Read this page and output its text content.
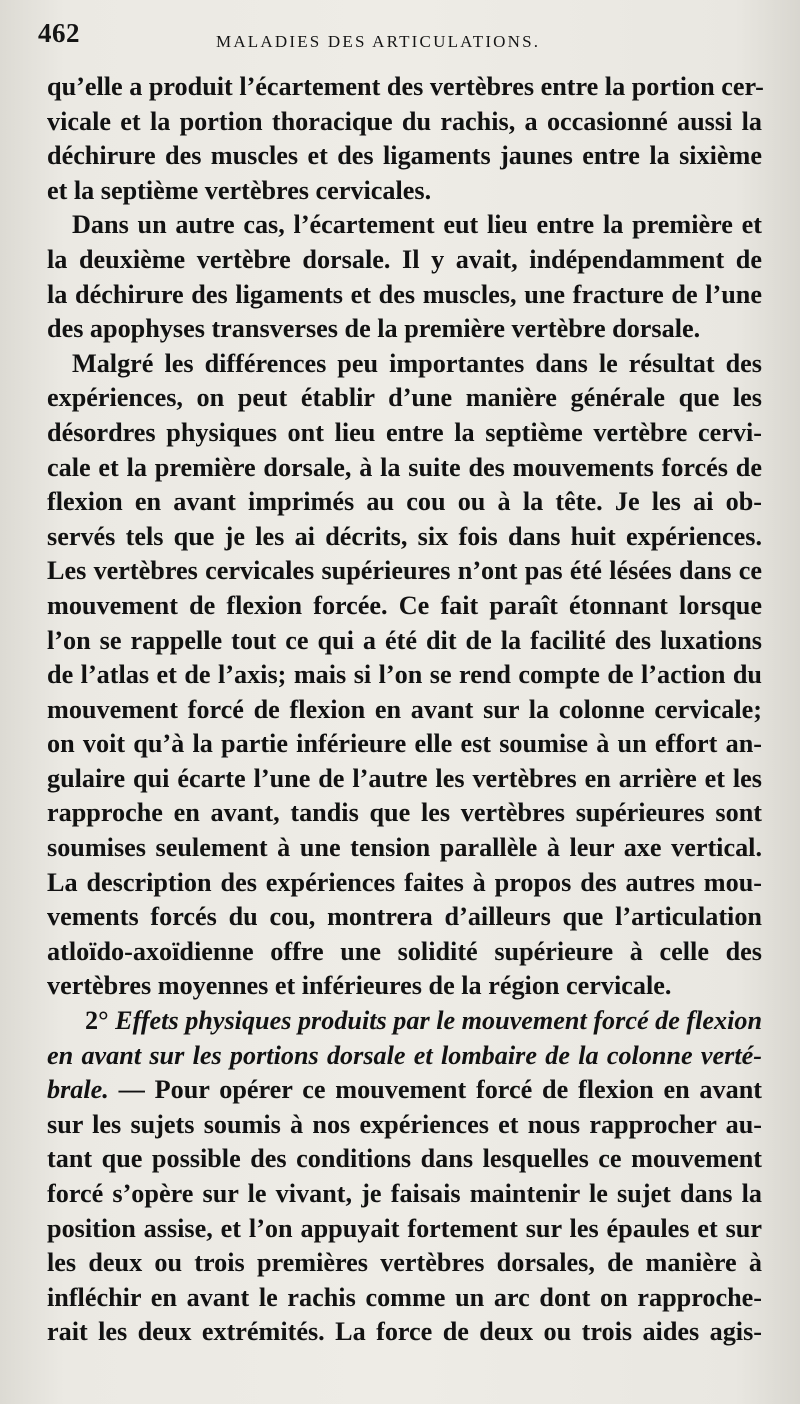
462	MALADIES DES ARTICULATIONS.
qu’elle a produit l’écartement des vertèbres entre la portion cer-
vicale et la portion thoracique du rachis, a occasionné aussi la
déchirure des muscles et des ligaments jaunes entre la sixième
et la septième vertèbres cervicales.
Dans un autre cas, l’écartement eut lieu entre la première et
la deuxième vertèbre dorsale. Il y avait, indépendamment de
la déchirure des ligaments et des muscles, une fracture de l’une
des apophyses transverses de la première vertèbre dorsale.
Malgré les différences peu importantes dans le résultat des
expériences, on peut établir d’une manière générale que les
désordres physiques ont lieu entre la septième vertèbre cervi-
cale et la première dorsale, à la suite des mouvements forcés de
flexion en avant imprimés au cou ou à la tête. Je les ai ob-
servés tels que je les ai décrits, six fois dans huit expériences.
Les vertèbres cervicales supérieures n’ont pas été lésées dans ce
mouvement de flexion forcée. Ce fait paraît étonnant lorsque
l’on se rappelle tout ce qui a été dit de la facilité des luxations
de l’atlas et de l’axis; mais si l’on se rend compte de l’action du
mouvement forcé de flexion en avant sur la colonne cervicale;
on voit qu’à la partie inférieure elle est soumise à un effort an-
gulaire qui écarte l’une de l’autre les vertèbres en arrière et les
rapproche en avant, tandis que les vertèbres supérieures sont
soumises seulement à une tension parallèle à leur axe vertical.
La description des expériences faites à propos des autres mou-
vements forcés du cou, montrera d’ailleurs que l’articulation
atloïdo-axoïdienne offre une solidité supérieure à celle des
vertèbres moyennes et inférieures de la région cervicale.
2° Effets physiques produits par le mouvement forcé de flexion
en avant sur les portions dorsale et lombaire de la colonne verté-
brale. — Pour opérer ce mouvement forcé de flexion en avant
sur les sujets soumis à nos expériences et nous rapprocher au-
tant que possible des conditions dans lesquelles ce mouvement
forcé s’opère sur le vivant, je faisais maintenir le sujet dans la
position assise, et l’on appuyait fortement sur les épaules et sur
les deux ou trois premières vertèbres dorsales, de manière à
infléchir en avant le rachis comme un arc dont on rapproche-
rait les deux extrémités. La force de deux ou trois aides agis-
